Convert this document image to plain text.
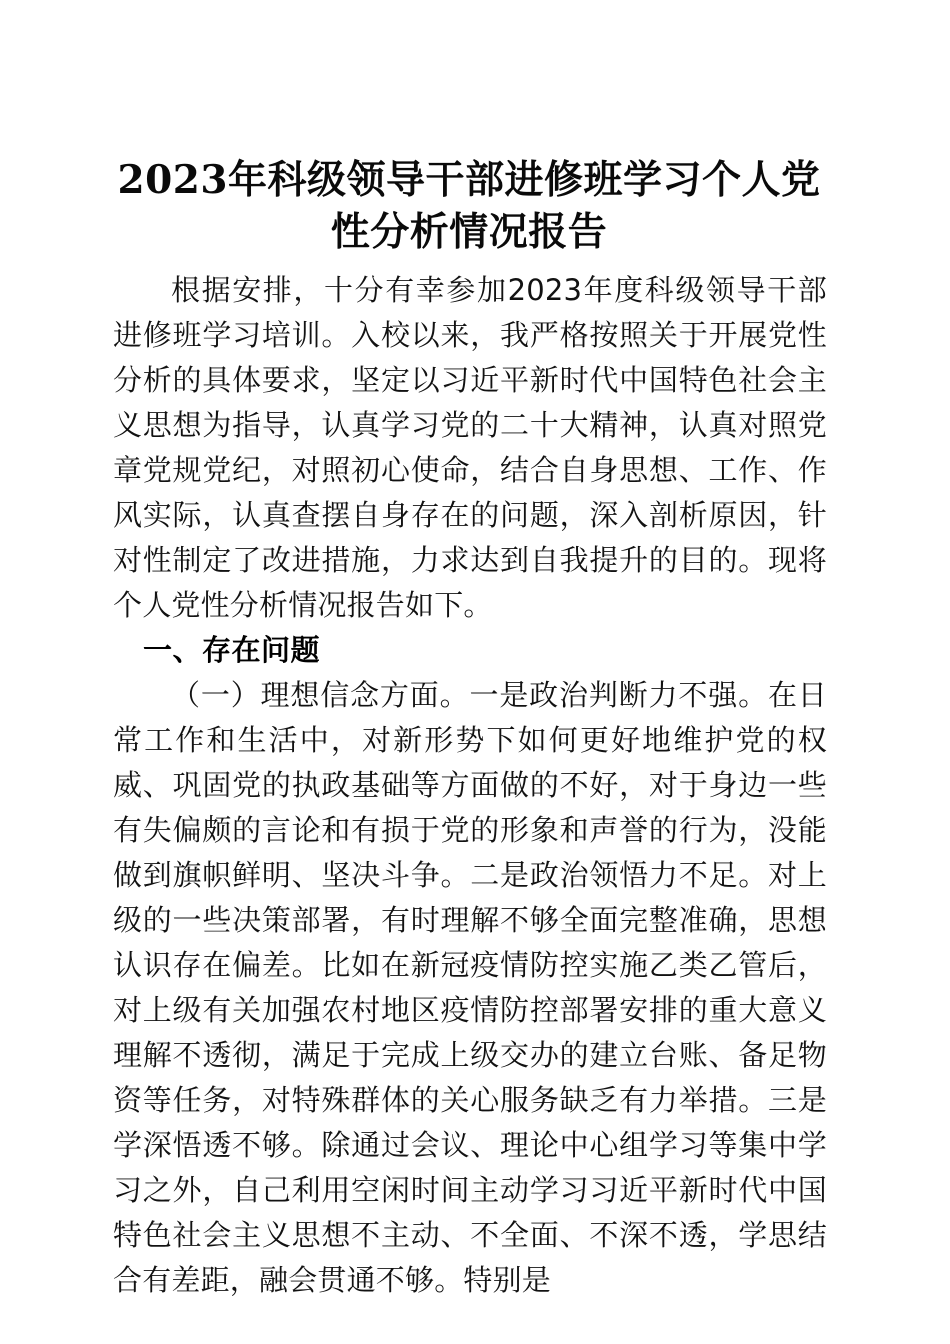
2023年科级领导干部进修班学习个人党性分析情况报告

根据安排，十分有幸参加2023年度科级领导干部进修班学习培训。入校以来，我严格按照关于开展党性分析的具体要求，坚定以习近平新时代中国特色社会主义思想为指导，认真学习党的二十大精神，认真对照党章党规党纪，对照初心使命，结合自身思想、工作、作风实际，认真查摆自身存在的问题，深入剖析原因，针对性制定了改进措施，力求达到自我提升的目的。现将个人党性分析情况报告如下。

一、存在问题

（一）理想信念方面。一是政治判断力不强。在日常工作和生活中，对新形势下如何更好地维护党的权威、巩固党的执政基础等方面做的不好，对于身边一些有失偏颇的言论和有损于党的形象和声誉的行为，没能做到旗帜鲜明、坚决斗争。二是政治领悟力不足。对上级的一些决策部署，有时理解不够全面完整准确，思想认识存在偏差。比如在新冠疫情防控实施乙类乙管后，对上级有关加强农村地区疫情防控部署安排的重大意义理解不透彻，满足于完成上级交办的建立台账、备足物资等任务，对特殊群体的关心服务缺乏有力举措。三是学深悟透不够。除通过会议、理论中心组学习等集中学习之外，自己利用空闲时间主动学习习近平新时代中国特色社会主义思想不主动、不全面、不深不透，学思结合有差距，融会贯通不够。特别是
